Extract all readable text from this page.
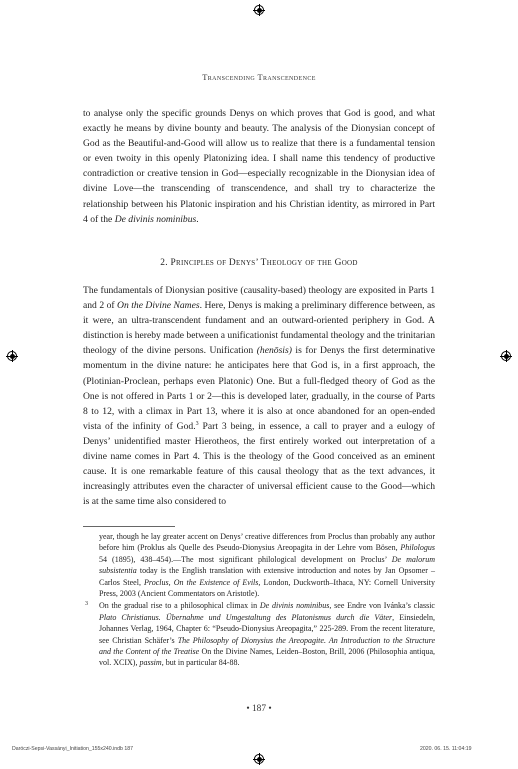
Transcending Transcendence

to analyse only the specific grounds Denys on which proves that God is good, and what exactly he means by divine bounty and beauty. The analysis of the Dionysian concept of God as the Beautiful-and-Good will allow us to realize that there is a fundamental tension or even twoity in this openly Platonizing idea. I shall name this tendency of productive contradiction or creative tension in God—especially recognizable in the Dionysian idea of divine Love—the transcending of transcendence, and shall try to characterize the relationship between his Platonic inspiration and his Christian identity, as mirrored in Part 4 of the De divinis nominibus.

2. Principles of Denys’ Theology of the Good

The fundamentals of Dionysian positive (causality-based) theology are exposited in Parts 1 and 2 of On the Divine Names. Here, Denys is making a preliminary difference between, as it were, an ultra-transcendent fundament and an outward-oriented periphery in God. A distinction is hereby made between a unificationist fundamental theology and the trinitarian theology of the divine persons. Unification (henōsis) is for Denys the first determinative momentum in the divine nature: he anticipates here that God is, in a first approach, the (Plotinian-Proclean, perhaps even Platonic) One. But a full-fledged theory of God as the One is not offered in Parts 1 or 2—this is developed later, gradually, in the course of Parts 8 to 12, with a climax in Part 13, where it is also at once abandoned for an open-ended vista of the infinity of God.$^3$ Part 3 being, in essence, a call to prayer and a eulogy of Denys’ unidentified master Hierotheos, the first entirely worked out interpretation of a divine name comes in Part 4. This is the theology of the Good conceived as an eminent cause. It is one remarkable feature of this causal theology that as the text advances, it increasingly attributes even the character of universal efficient cause to the Good—which is at the same time also considered to

year, though he lay greater accent on Denys’ creative differences from Proclus than probably any author before him (Proklus als Quelle des Pseudo-Dionysius Areopagita in der Lehre vom Bösen, Philologus 54 (1895), 438–454).—The most significant philological development on Proclus’ De malorum subsistentia today is the English translation with extensive introduction and notes by Jan Opsomer – Carlos Steel, Proclus, On the Existence of Evils, London, Duckworth–Ithaca, NY: Cornell University Press, 2003 (Ancient Commentators on Aristotle).
3 On the gradual rise to a philosophical climax in De divinis nominibus, see Endre von Ivánka’s classic Plato Christianus. Übernahme und Umgestaltung des Platonismus durch die Väter, Einsiedeln, Johannes Verlag, 1964, Chapter 6: “Pseudo-Dionysius Areopagita,” 225-289. From the recent literature, see Christian Schäfer’s The Philosophy of Dionysius the Areopagite. An Introduction to the Structure and the Content of the Treatise On the Divine Names, Leiden–Boston, Brill, 2006 (Philosophia antiqua, vol. XCIX), passim, but in particular 84-88.
• 187 •
Daróczi-Sepsi-Vassányi_Initiation_155x240.indb 187	2020. 06. 15. 11:04:19
